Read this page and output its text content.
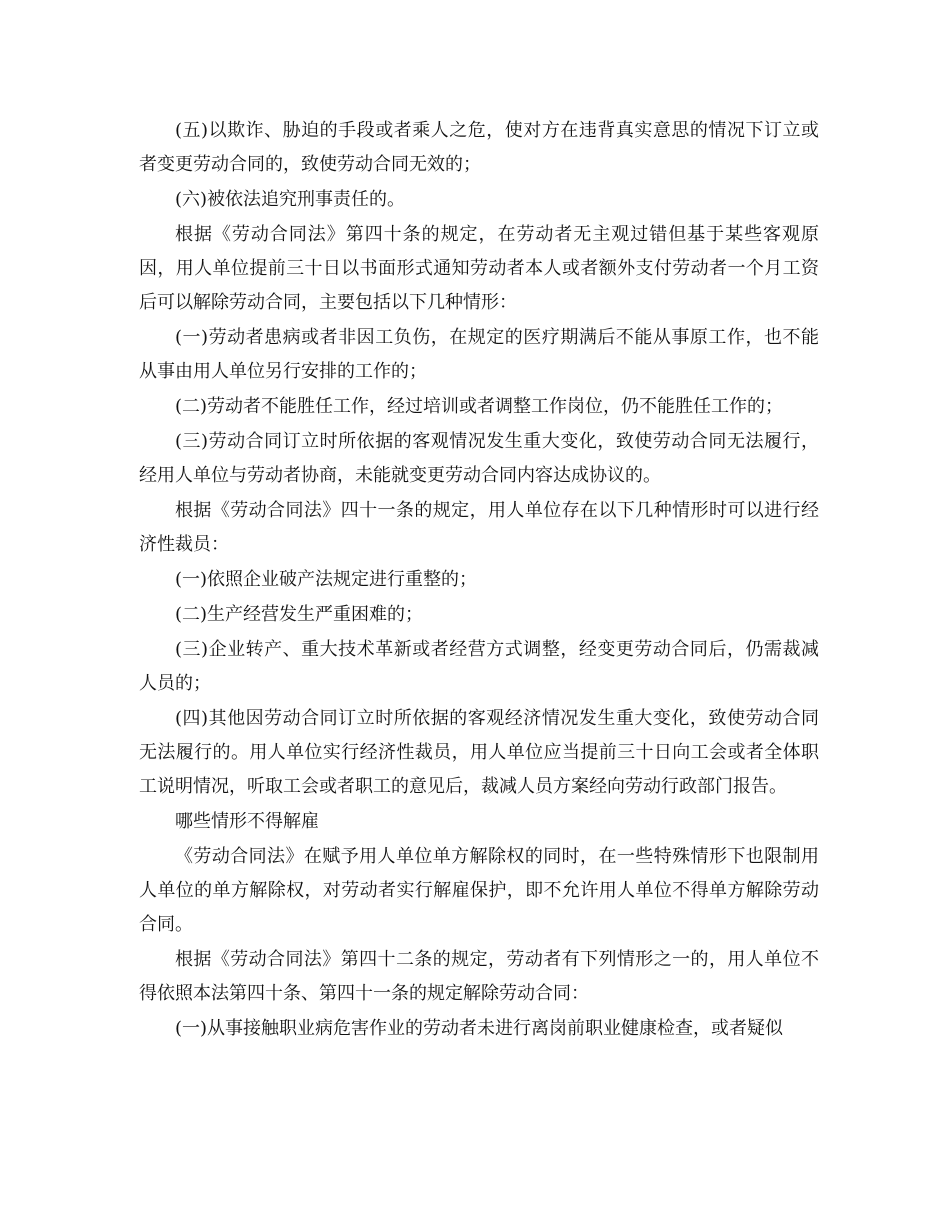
(五)以欺诈、胁迫的手段或者乘人之危，使对方在违背真实意思的情况下订立或者变更劳动合同的，致使劳动合同无效的；

(六)被依法追究刑事责任的。

根据《劳动合同法》第四十条的规定，在劳动者无主观过错但基于某些客观原因，用人单位提前三十日以书面形式通知劳动者本人或者额外支付劳动者一个月工资后可以解除劳动合同，主要包括以下几种情形：

(一)劳动者患病或者非因工负伤，在规定的医疗期满后不能从事原工作，也不能从事由用人单位另行安排的工作的；

(二)劳动者不能胜任工作，经过培训或者调整工作岗位，仍不能胜任工作的；

(三)劳动合同订立时所依据的客观情况发生重大变化，致使劳动合同无法履行，经用人单位与劳动者协商，未能就变更劳动合同内容达成协议的。

根据《劳动合同法》四十一条的规定，用人单位存在以下几种情形时可以进行经济性裁员：

(一)依照企业破产法规定进行重整的；

(二)生产经营发生严重困难的；

(三)企业转产、重大技术革新或者经营方式调整，经变更劳动合同后，仍需裁减人员的；

(四)其他因劳动合同订立时所依据的客观经济情况发生重大变化，致使劳动合同无法履行的。用人单位实行经济性裁员，用人单位应当提前三十日向工会或者全体职工说明情况，听取工会或者职工的意见后，裁减人员方案经向劳动行政部门报告。

哪些情形不得解雇

《劳动合同法》在赋予用人单位单方解除权的同时，在一些特殊情形下也限制用人单位的单方解除权，对劳动者实行解雇保护，即不允许用人单位不得单方解除劳动合同。

根据《劳动合同法》第四十二条的规定，劳动者有下列情形之一的，用人单位不得依照本法第四十条、第四十一条的规定解除劳动合同：

(一)从事接触职业病危害作业的劳动者未进行离岗前职业健康检查，或者疑似
